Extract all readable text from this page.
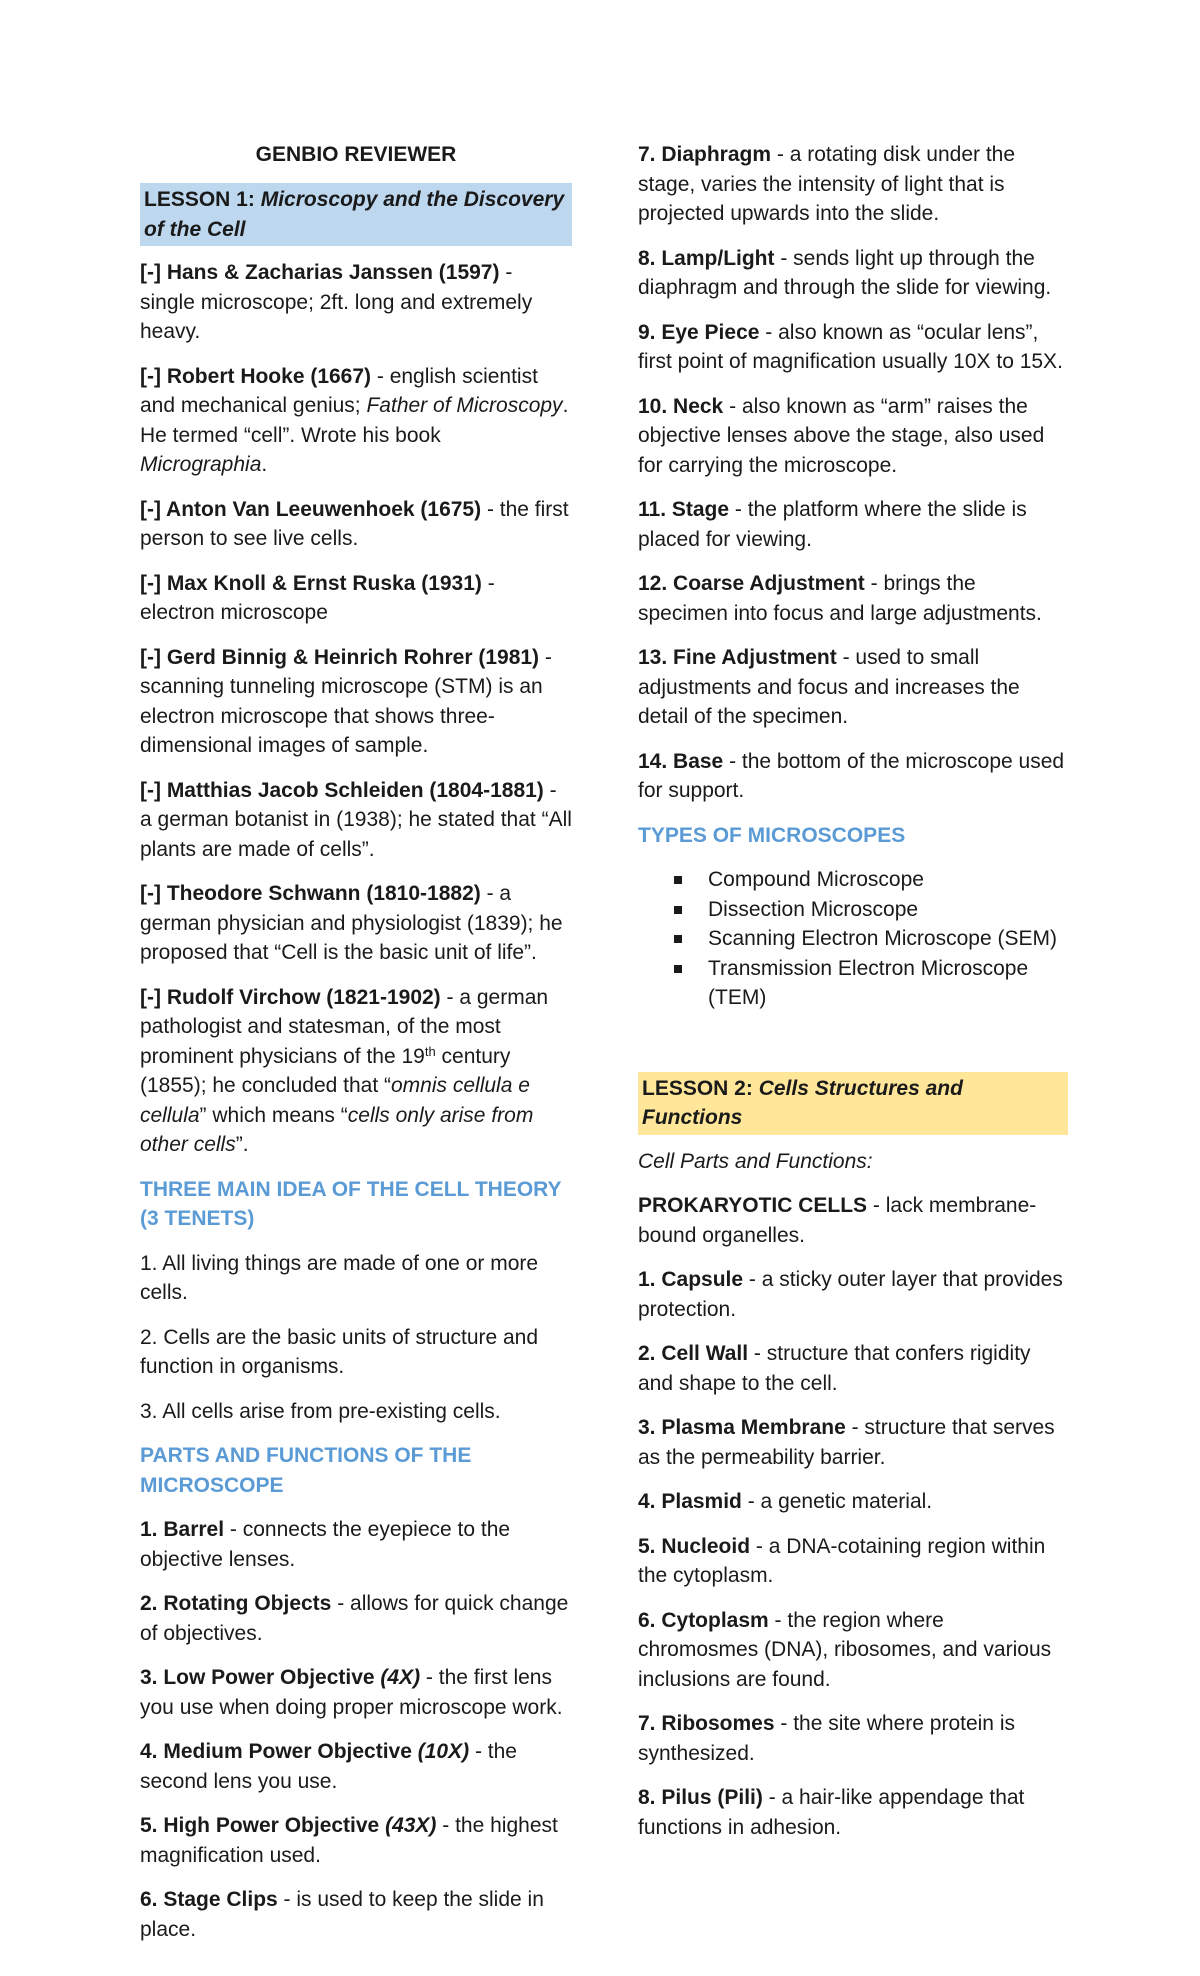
GENBIO REVIEWER
LESSON 1: Microscopy and the Discovery of the Cell
[-] Hans & Zacharias Janssen (1597) - single microscope; 2ft. long and extremely heavy.
[-] Robert Hooke (1667) - english scientist and mechanical genius; Father of Microscopy. He termed “cell”. Wrote his book Micrographia.
[-] Anton Van Leeuwenhoek (1675) - the first person to see live cells.
[-] Max Knoll & Ernst Ruska (1931) - electron microscope
[-] Gerd Binnig & Heinrich Rohrer (1981) - scanning tunneling microscope (STM) is an electron microscope that shows three-dimensional images of sample.
[-] Matthias Jacob Schleiden (1804-1881) - a german botanist in (1938); he stated that “All plants are made of cells”.
[-] Theodore Schwann (1810-1882) - a german physician and physiologist (1839); he proposed that “Cell is the basic unit of life”.
[-] Rudolf Virchow (1821-1902) - a german pathologist and statesman, of the most prominent physicians of the 19th century (1855); he concluded that “omnis cellula e cellula” which means “cells only arise from other cells”.
THREE MAIN IDEA OF THE CELL THEORY (3 TENETS)
1. All living things are made of one or more cells.
2. Cells are the basic units of structure and function in organisms.
3. All cells arise from pre-existing cells.
PARTS AND FUNCTIONS OF THE MICROSCOPE
1. Barrel - connects the eyepiece to the objective lenses.
2. Rotating Objects - allows for quick change of objectives.
3. Low Power Objective (4X) - the first lens you use when doing proper microscope work.
4. Medium Power Objective (10X) - the second lens you use.
5. High Power Objective (43X) - the highest magnification used.
6. Stage Clips - is used to keep the slide in place.
7. Diaphragm - a rotating disk under the stage, varies the intensity of light that is projected upwards into the slide.
8. Lamp/Light - sends light up through the diaphragm and through the slide for viewing.
9. Eye Piece - also known as “ocular lens”, first point of magnification usually 10X to 15X.
10. Neck - also known as “arm” raises the objective lenses above the stage, also used for carrying the microscope.
11. Stage - the platform where the slide is placed for viewing.
12. Coarse Adjustment - brings the specimen into focus and large adjustments.
13. Fine Adjustment - used to small adjustments and focus and increases the detail of the specimen.
14. Base - the bottom of the microscope used for support.
TYPES OF MICROSCOPES
Compound Microscope
Dissection Microscope
Scanning Electron Microscope (SEM)
Transmission Electron Microscope (TEM)
LESSON 2: Cells Structures and Functions
Cell Parts and Functions:
PROKARYOTIC CELLS - lack membrane-bound organelles.
1. Capsule - a sticky outer layer that provides protection.
2. Cell Wall - structure that confers rigidity and shape to the cell.
3. Plasma Membrane - structure that serves as the permeability barrier.
4. Plasmid - a genetic material.
5. Nucleoid - a DNA-cotaining region within the cytoplasm.
6. Cytoplasm - the region where chromosmes (DNA), ribosomes, and various inclusions are found.
7. Ribosomes - the site where protein is synthesized.
8. Pilus (Pili) - a hair-like appendage that functions in adhesion.
